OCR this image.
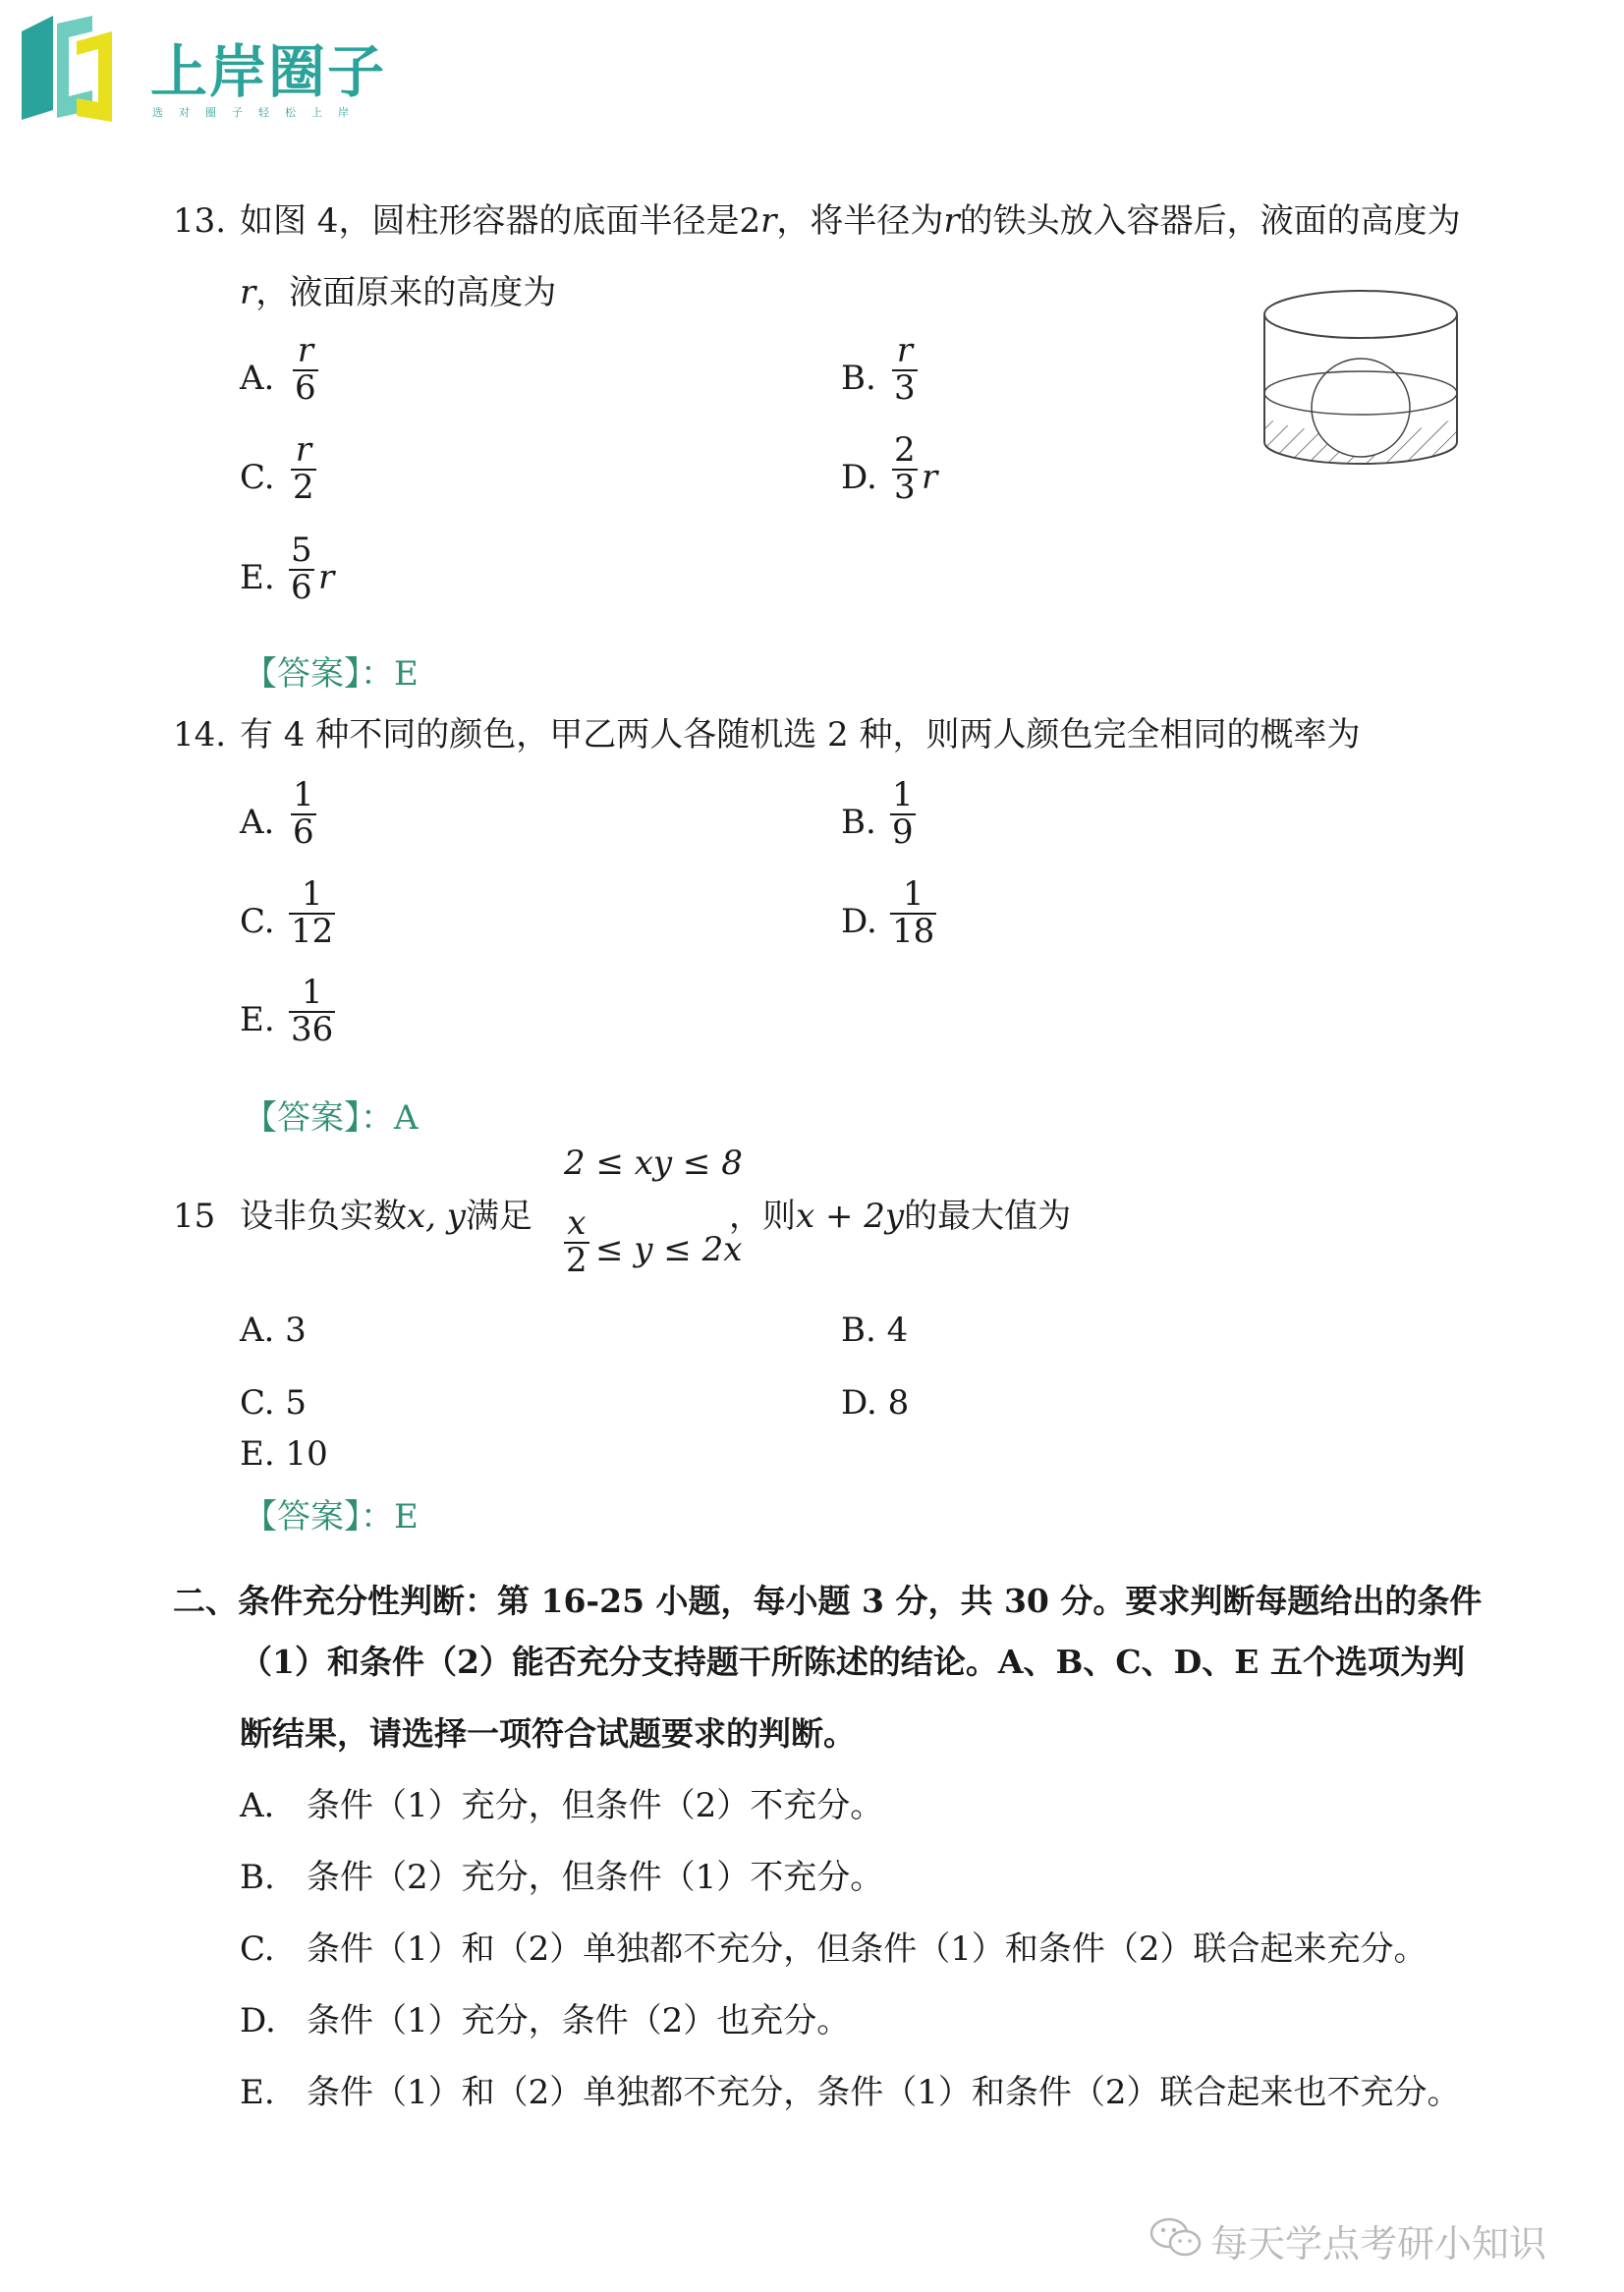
上岸圈子
选对圈子轻松上岸
13. 如图 4，圆柱形容器的底面半径是2r，将半径为r的铁头放入容器后，液面的高度为
r，液面原来的高度为
A. $\frac{r}{6}$	B. $\frac{r}{3}$
C. $\frac{r}{2}$	D. $\frac{2}{3}$ r
E. $\frac{5}{6}$ r
【答案】：E
14. 有 4 种不同的颜色，甲乙两人各随机选 2 种，则两人颜色完全相同的概率为
A. $\frac{1}{6}$	B. $\frac{1}{9}$
C. $\frac{1}{12}$	D. $\frac{1}{18}$
E. $\frac{1}{36}$
【答案】：A
15 设非负实数x, y满足
2 ≤ xy ≤ 8
$\frac{x}{2} \le y \le 2x$
，则x + 2y的最大值为
A. 3	B. 4
C. 5	D. 8
E. 10
【答案】：E
二、条件充分性判断：第 16-25 小题，每小题 3 分，共 30 分。要求判断每题给出的条件
（1）和条件（2）能否充分支持题干所陈述的结论。A、B、C、D、E 五个选项为判
断结果，请选择一项符合试题要求的判断。
A. 条件（1）充分，但条件（2）不充分。
B. 条件（2）充分，但条件（1）不充分。
C. 条件（1）和（2）单独都不充分，但条件（1）和条件（2）联合起来充分。
D. 条件（1）充分，条件（2）也充分。
E. 条件（1）和（2）单独都不充分，条件（1）和条件（2）联合起来也不充分。
每天学点考研小知识
